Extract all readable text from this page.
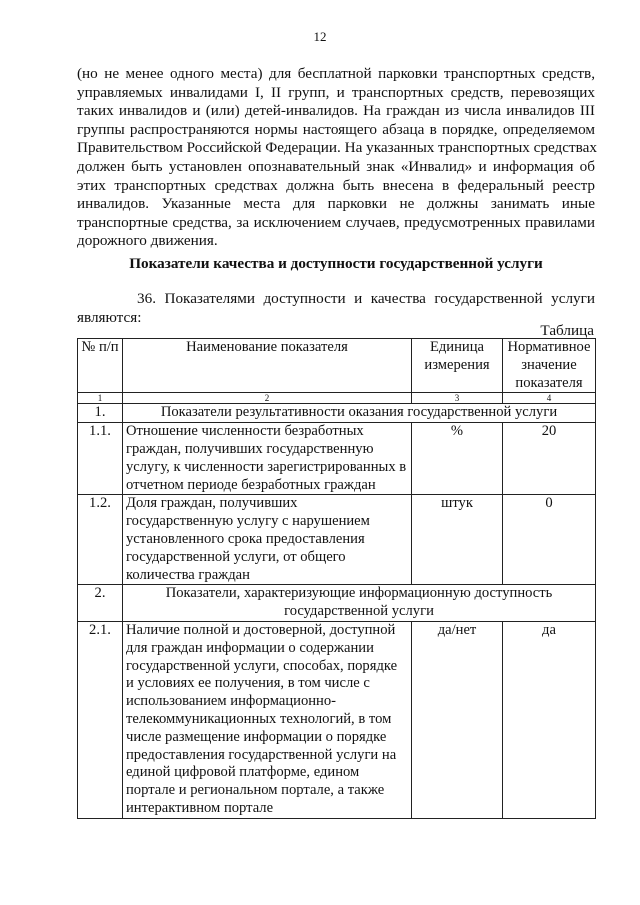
12
(но не менее одного места) для бесплатной парковки транспортных средств,
управляемых инвалидами I, II групп, и транспортных средств, перевозящих
таких инвалидов и (или) детей-инвалидов. На граждан из числа инвалидов III
группы распространяются нормы настоящего абзаца в порядке, определяемом
Правительством Российской Федерации. На указанных транспортных средствах
должен быть установлен опознавательный знак «Инвалид» и информация об
этих транспортных средствах должна быть внесена в федеральный реестр
инвалидов. Указанные места для парковки не должны занимать иные
транспортные средства, за исключением случаев, предусмотренных правилами
дорожного движения.
Показатели качества и доступности государственной услуги
36. Показателями доступности и качества государственной услуги
являются:
Таблица
№ п/п	Наименование показателя	Единица измерения	Нормативное значение показателя
1	2	3	4
1.	Показатели результативности оказания государственной услуги		
1.1.	Отношение численности безработных граждан, получивших государственную услугу, к численности зарегистрированных в отчетном периоде безработных граждан	%	20
1.2.	Доля граждан, получивших государственную услугу с нарушением установленного срока предоставления государственной услуги, от общего количества граждан	штук	0
2.	Показатели, характеризующие информационную доступность государственной услуги		
2.1.	Наличие полной и достоверной, доступной для граждан информации о содержании государственной услуги, способах, порядке и условиях ее получения, в том числе с использованием информационно-телекоммуникационных технологий, в том числе размещение информации о порядке предоставления государственной услуги на единой цифровой платформе, едином портале и региональном портале, а также интерактивном портале	да/нет	да
